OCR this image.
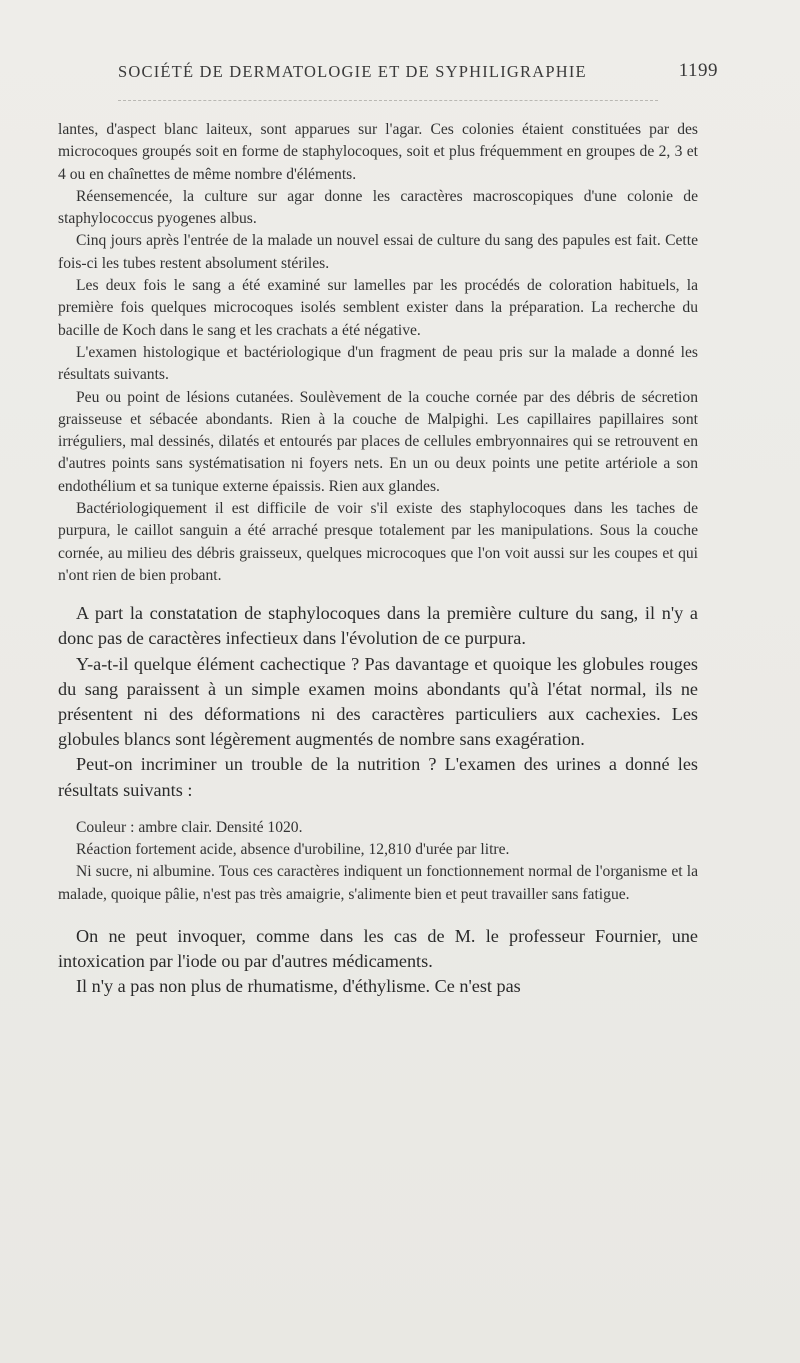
SOCIÉTÉ DE DERMATOLOGIE ET DE SYPHILIGRAPHIE	1199

lantes, d'aspect blanc laiteux, sont apparues sur l'agar. Ces colonies étaient constituées par des microcoques groupés soit en forme de staphylocoques, soit et plus fréquemment en groupes de 2, 3 et 4 ou en chaînettes de même nombre d'éléments.

Réensemencée, la culture sur agar donne les caractères macroscopiques d'une colonie de staphylococcus pyogenes albus.

Cinq jours après l'entrée de la malade un nouvel essai de culture du sang des papules est fait. Cette fois-ci les tubes restent absolument stériles.

Les deux fois le sang a été examiné sur lamelles par les procédés de coloration habituels, la première fois quelques microcoques isolés semblent exister dans la préparation. La recherche du bacille de Koch dans le sang et les crachats a été négative.

L'examen histologique et bactériologique d'un fragment de peau pris sur la malade a donné les résultats suivants.

Peu ou point de lésions cutanées. Soulèvement de la couche cornée par des débris de sécretion graisseuse et sébacée abondants. Rien à la couche de Malpighi. Les capillaires papillaires sont irréguliers, mal dessinés, dilatés et entourés par places de cellules embryonnaires qui se retrouvent en d'autres points sans systématisation ni foyers nets. En un ou deux points une petite artériole a son endothélium et sa tunique externe épaissis. Rien aux glandes.

Bactériologiquement il est difficile de voir s'il existe des staphylocoques dans les taches de purpura, le caillot sanguin a été arraché presque totalement par les manipulations. Sous la couche cornée, au milieu des débris graisseux, quelques microcoques que l'on voit aussi sur les coupes et qui n'ont rien de bien probant.

A part la constatation de staphylocoques dans la première culture du sang, il n'y a donc pas de caractères infectieux dans l'évolution de ce purpura.

Y-a-t-il quelque élément cachectique ? Pas davantage et quoique les globules rouges du sang paraissent à un simple examen moins abondants qu'à l'état normal, ils ne présentent ni des déformations ni des caractères particuliers aux cachexies. Les globules blancs sont légèrement augmentés de nombre sans exagération.

Peut-on incriminer un trouble de la nutrition ? L'examen des urines a donné les résultats suivants :

Couleur : ambre clair. Densité 1020.

Réaction fortement acide, absence d'urobiline, 12,810 d'urée par litre.

Ni sucre, ni albumine. Tous ces caractères indiquent un fonctionnement normal de l'organisme et la malade, quoique pâlie, n'est pas très amaigrie, s'alimente bien et peut travailler sans fatigue.

On ne peut invoquer, comme dans les cas de M. le professeur Fournier, une intoxication par l'iode ou par d'autres médicaments.

Il n'y a pas non plus de rhumatisme, d'éthylisme. Ce n'est pas
